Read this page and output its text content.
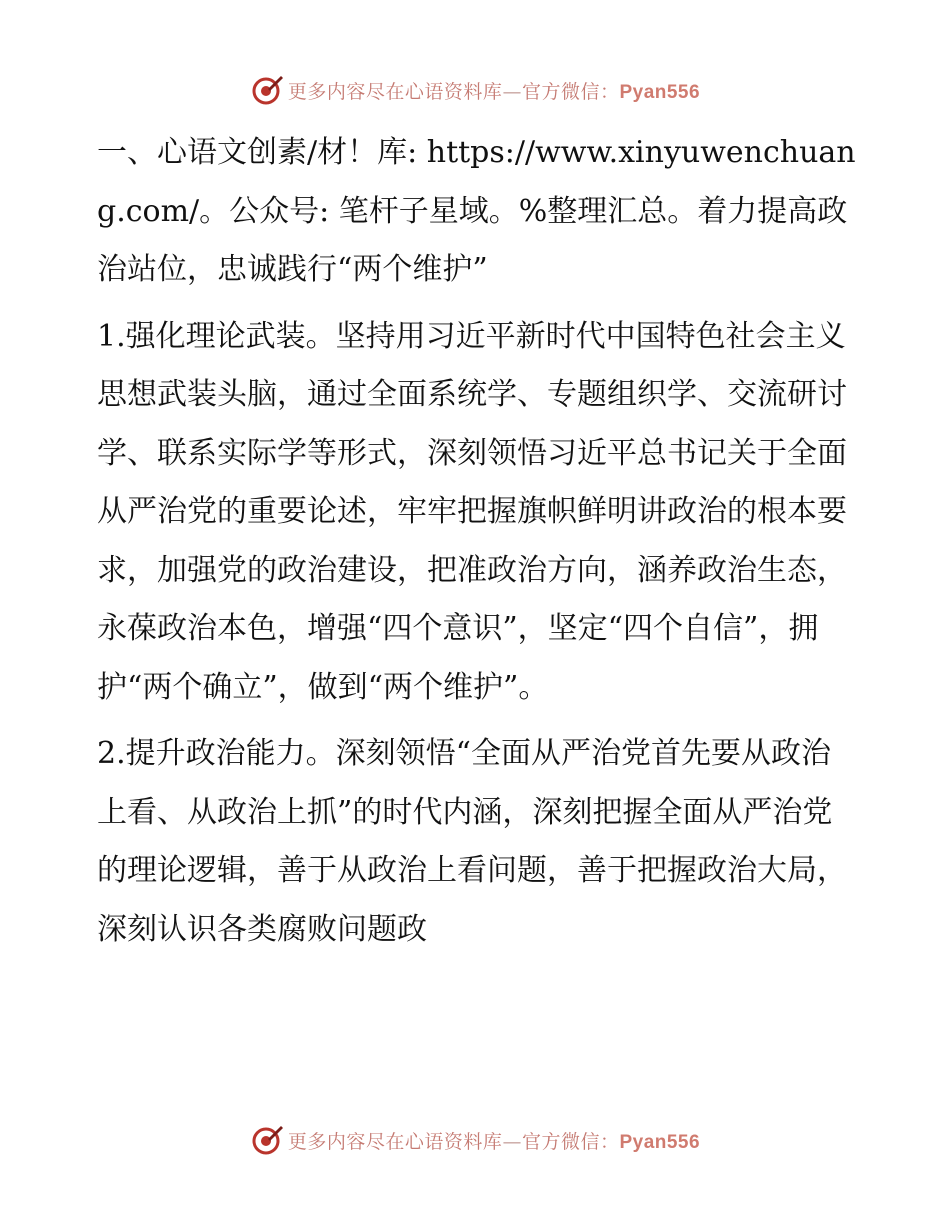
更多内容尽在心语资料库—官方微信：Pyan556

一、心语文创素/材！库: https://www.xinyuwenchuang.com/。公众号: 笔杆子星域。%整理汇总。着力提高政治站位，忠诚践行“两个维护”

1.强化理论武装。坚持用习近平新时代中国特色社会主义思想武装头脑，通过全面系统学、专题组织学、交流研讨学、联系实际学等形式，深刻领悟习近平总书记关于全面从严治党的重要论述，牢牢把握旗帜鲜明讲政治的根本要求，加强党的政治建设，把准政治方向，涵养政治生态，永葆政治本色，增强“四个意识”，坚定“四个自信”，拥护“两个确立”，做到“两个维护”。

2.提升政治能力。深刻领悟“全面从严治党首先要从政治上看、从政治上抓”的时代内涵，深刻把握全面从严治党的理论逻辑，善于从政治上看问题，善于把握政治大局，深刻认识各类腐败问题政

更多内容尽在心语资料库—官方微信：Pyan556
